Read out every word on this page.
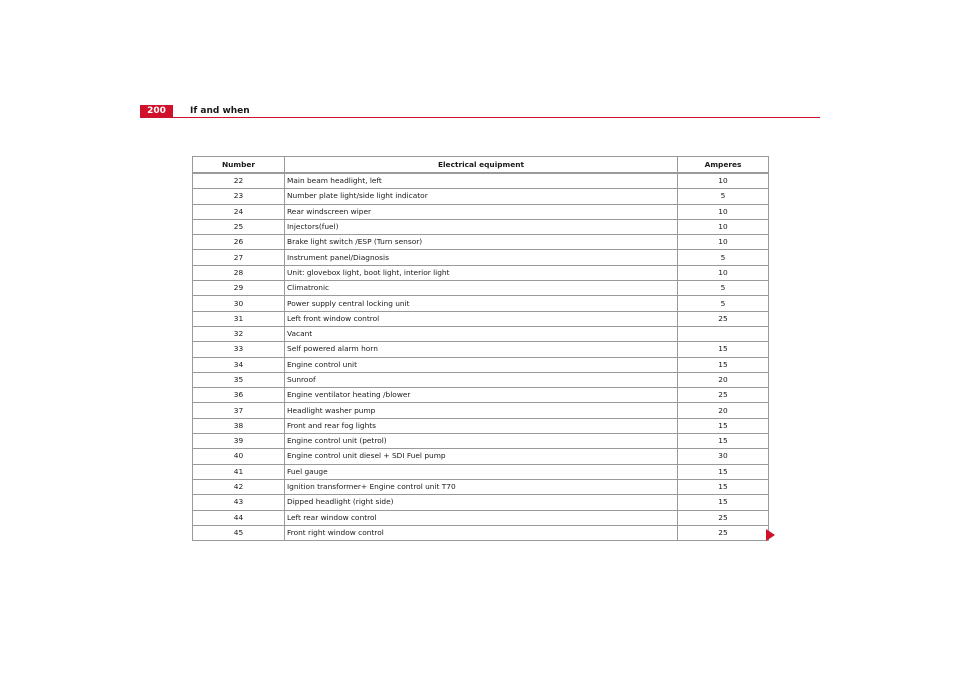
200	If and when
Number	Electrical equipment	Amperes
22	Main beam headlight, left	10
23	Number plate light/side light indicator	5
24	Rear windscreen wiper	10
25	Injectors(fuel)	10
26	Brake light switch /ESP (Turn sensor)	10
27	Instrument panel/Diagnosis	5
28	Unit: glovebox light, boot light, interior light	10
29	Climatronic	5
30	Power supply central locking unit	5
31	Left front window control	25
32	Vacant	
33	Self powered alarm horn	15
34	Engine control unit	15
35	Sunroof	20
36	Engine ventilator heating /blower	25
37	Headlight washer pump	20
38	Front and rear fog lights	15
39	Engine control unit (petrol)	15
40	Engine control unit diesel + SDI Fuel pump	30
41	Fuel gauge	15
42	Ignition transformer+ Engine control unit T70	15
43	Dipped headlight (right side)	15
44	Left rear window control	25
45	Front right window control	25
